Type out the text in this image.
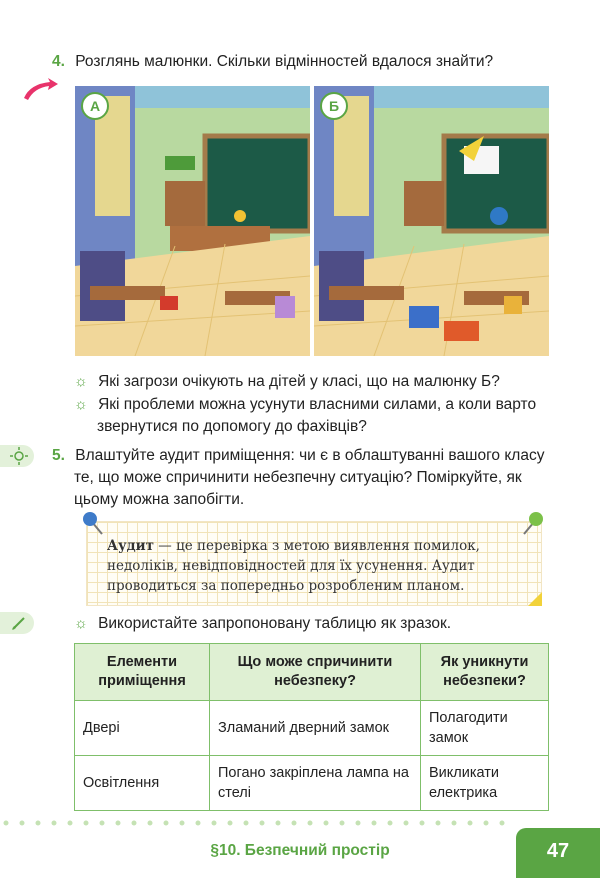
4. Розглянь малюнки. Скільки відмінностей вдалося знайти?
А	Б
☼ Які загрози очікують на дітей у класі, що на малюнку Б?
☼ Які проблеми можна усунути власними силами, а коли варто
звернутися по допомогу до фахівців?
5. Влаштуйте аудит приміщення: чи є в облаштуванні вашого класу
те, що може спричинити небезпечну ситуацію? Поміркуйте, як
цьому можна запобігти.
Аудит — це перевірка з метою виявлення помилок,
недоліків, невідповідностей для їх усунення. Аудит
проводиться за попередньо розробленим планом.
☼ Використайте запропоновану таблицю як зразок.
Елементи приміщення	Що може спричинити небезпеку?	Як уникнути небезпеки?
Двері	Зламаний дверний замок	Полагодити замок
Освітлення	Погано закріплена лампа на стелі	Викликати електрика
§10. Безпечний простір	47
